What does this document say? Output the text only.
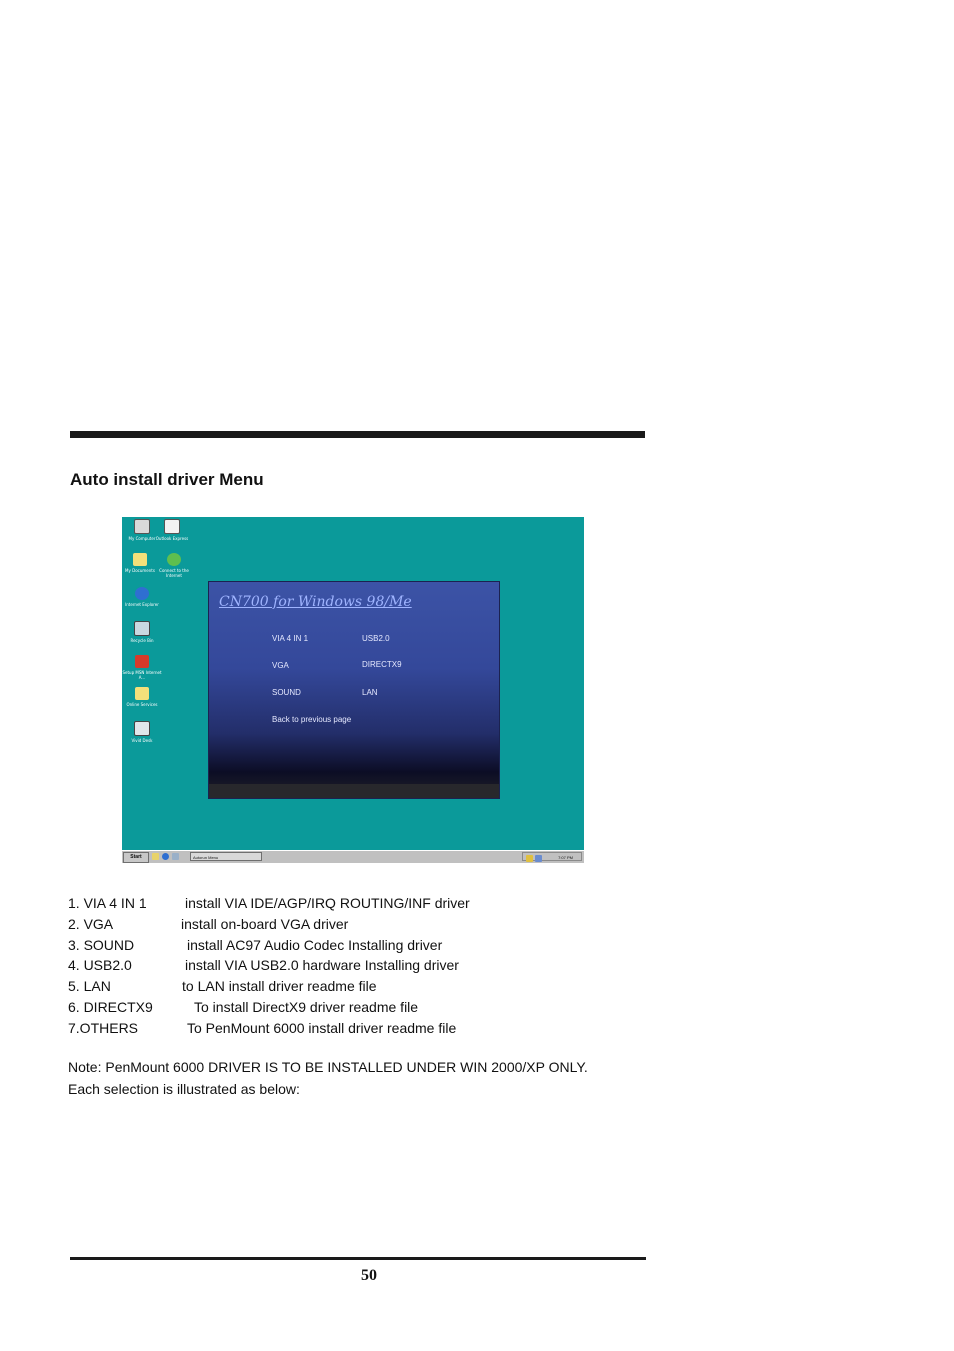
Auto install driver Menu
My Computer Outlook Express
My Documents	Connect to the Internet
Internet Explorer
Recycle Bin
Setup MSN Internet A...
Online Services
Vivid Desk
CN700 for Windows 98/Me
VIA 4 IN 1	USB2.0
VGA	DIRECTX9
SOUND	LAN
Back to previous page
Start	Autorun Menu	7:07 PM
1. VIA 4 IN 1	install VIA IDE/AGP/IRQ ROUTING/INF driver
2. VGA	install on-board VGA driver
3. SOUND	install AC97 Audio Codec Installing driver
4. USB2.0	install VIA USB2.0 hardware Installing driver
5. LAN	to LAN install driver readme file
6. DIRECTX9	To install DirectX9 driver readme file
7.OTHERS	To PenMount 6000 install driver readme file
Note: PenMount 6000 DRIVER IS TO BE INSTALLED UNDER WIN 2000/XP ONLY.
Each selection is illustrated as below:
50
